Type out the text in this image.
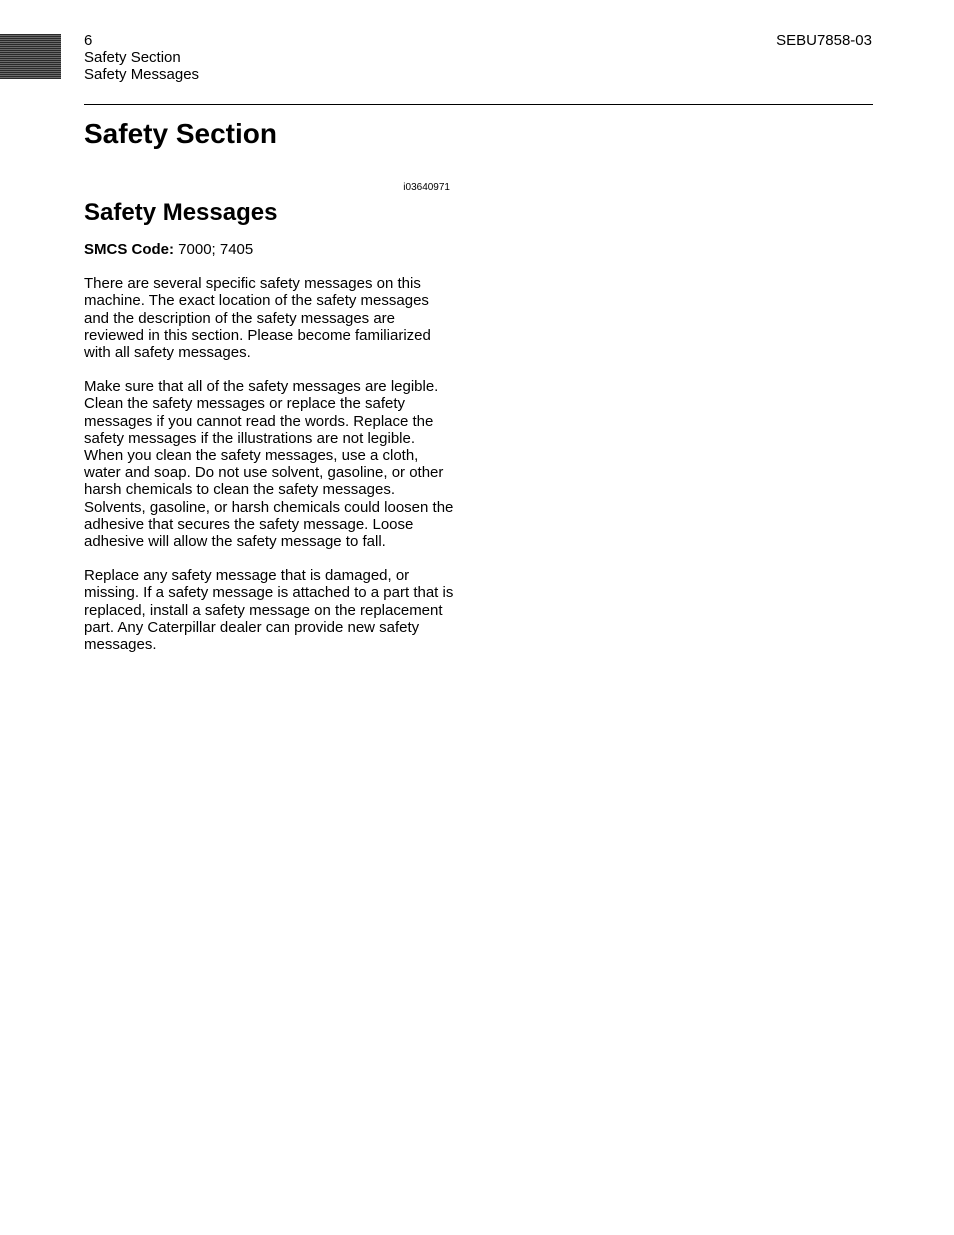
6
Safety Section
Safety Messages
SEBU7858-03
Safety Section
i03640971
Safety Messages

SMCS Code: 7000; 7405

There are several specific safety messages on this machine. The exact location of the safety messages and the description of the safety messages are reviewed in this section. Please become familiarized with all safety messages.

Make sure that all of the safety messages are legible. Clean the safety messages or replace the safety messages if you cannot read the words. Replace the safety messages if the illustrations are not legible. When you clean the safety messages, use a cloth, water and soap. Do not use solvent, gasoline, or other harsh chemicals to clean the safety messages. Solvents, gasoline, or harsh chemicals could loosen the adhesive that secures the safety message. Loose adhesive will allow the safety message to fall.

Replace any safety message that is damaged, or missing. If a safety message is attached to a part that is replaced, install a safety message on the replacement part. Any Caterpillar dealer can provide new safety messages.
